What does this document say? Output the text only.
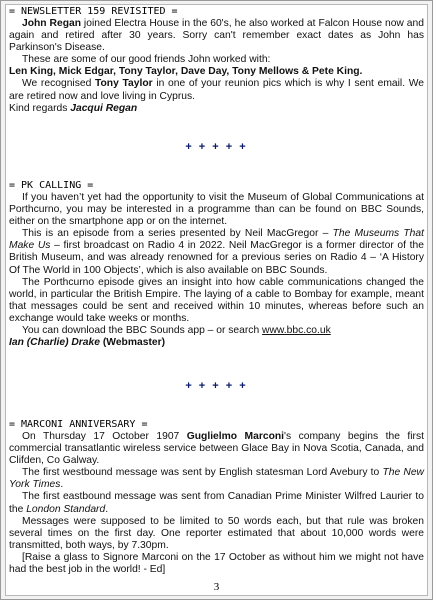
= NEWSLETTER 159 REVISITED =

John Regan joined Electra House in the 60's, he also worked at Falcon House now and again and retired after 30 years. Sorry can't remember exact dates as John has Parkinson's Disease.

These are some of our good friends John worked with:

Len King, Mick Edgar, Tony Taylor, Dave Day, Tony Mellows & Pete King.

We recognised Tony Taylor in one of your reunion pics which is why I sent email. We are retired now and love living in Cyprus.

Kind regards Jacqui Regan

+ + + + +
= PK CALLING =

If you haven’t yet had the opportunity to visit the Museum of Global Communications at Porthcurno, you may be interested in a programme than can be found on BBC Sounds, either on the smartphone app or on the internet.

This is an episode from a series presented by Neil MacGregor – The Museums That Make Us – first broadcast on Radio 4 in 2022. Neil MacGregor is a former director of the British Museum, and was already renowned for a previous series on Radio 4 – ‘A History Of The World in 100 Objects’, which is also available on BBC Sounds.

The Porthcurno episode gives an insight into how cable communications changed the world, in particular the British Empire. The laying of a cable to Bombay for example, meant that messages could be sent and received within 10 minutes, whereas before such an exchange would take weeks or months.

You can download the BBC Sounds app – or search www.bbc.co.uk

Ian (Charlie) Drake (Webmaster)

+ + + + +
= MARCONI ANNIVERSARY =

On Thursday 17 October 1907 Guglielmo Marconi's company begins the first commercial transatlantic wireless service between Glace Bay in Nova Scotia, Canada, and Clifden, Co Galway.

The first westbound message was sent by English statesman Lord Avebury to The New York Times.

The first eastbound message was sent from Canadian Prime Minister Wilfred Laurier to the London Standard.

Messages were supposed to be limited to 50 words each, but that rule was broken several times on the first day. One reporter estimated that about 10,000 words were transmitted, both ways, by 7.30pm.

[Raise a glass to Signore Marconi on the 17 October as without him we might not have had the best job in the world! - Ed]

3
